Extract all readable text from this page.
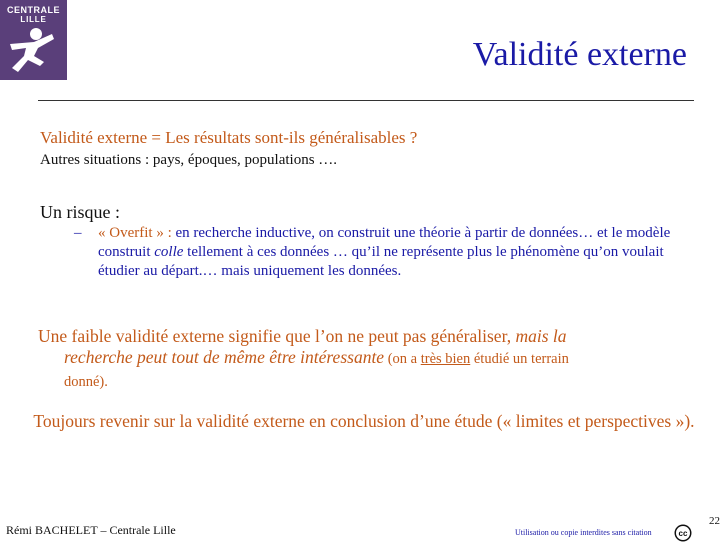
CENTRALE
LILLE
Validité externe
Validité externe = Les résultats sont-ils généralisables ?
Autres situations : pays, époques, populations ….
Un risque :
– « Overfit » : en recherche inductive, on construit une théorie à partir de données… et le modèle construit colle tellement à ces données … qu’il ne représente plus le phénomène qu’on voulait étudier au départ.… mais uniquement les données.
Une faible validité externe signifie que l’on ne peut pas généraliser, mais la
recherche peut tout de même être intéressante (on a très bien étudié un terrain
donné).
Toujours revenir sur la validité externe en conclusion d’une étude (« limites et perspectives »).
Rémi BACHELET – Centrale Lille	Utilisation ou copie interdites sans citation	cc
22
